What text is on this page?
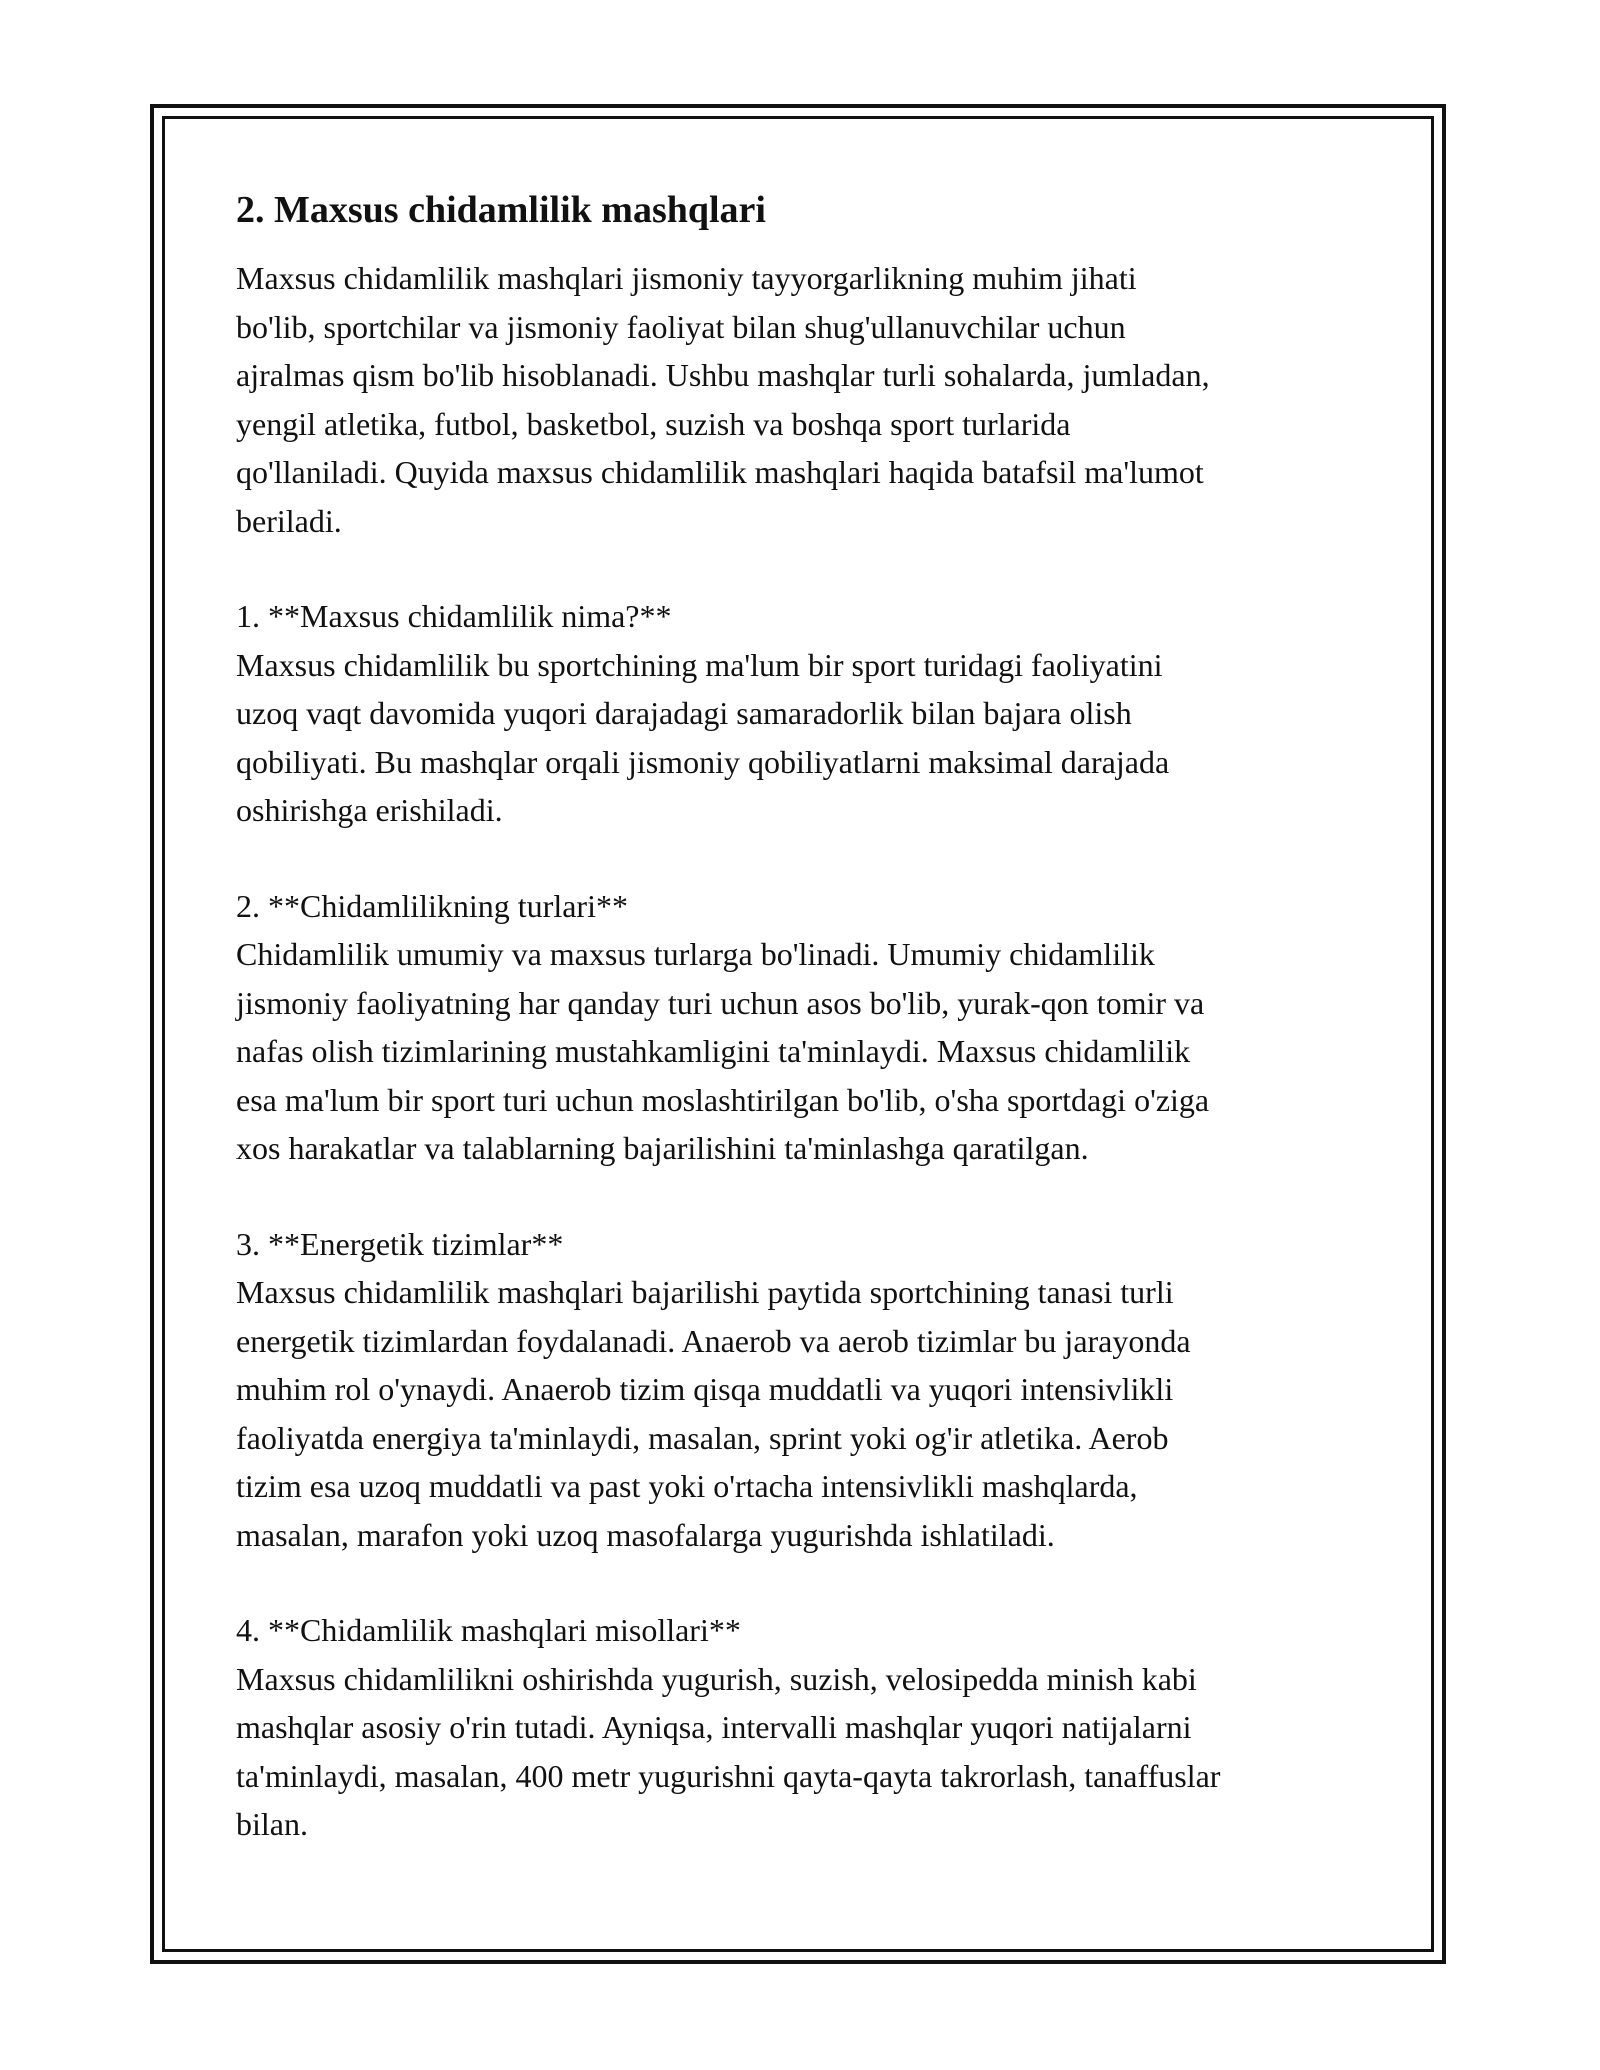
2. Maxsus chidamlilik mashqlari

Maxsus chidamlilik mashqlari jismoniy tayyorgarlikning muhim jihati
bo'lib, sportchilar va jismoniy faoliyat bilan shug'ullanuvchilar uchun
ajralmas qism bo'lib hisoblanadi. Ushbu mashqlar turli sohalarda, jumladan,
yengil atletika, futbol, basketbol, suzish va boshqa sport turlarida
qo'llaniladi. Quyida maxsus chidamlilik mashqlari haqida batafsil ma'lumot
beriladi.

1. **Maxsus chidamlilik nima?**

Maxsus chidamlilik bu sportchining ma'lum bir sport turidagi faoliyatini
uzoq vaqt davomida yuqori darajadagi samaradorlik bilan bajara olish
qobiliyati. Bu mashqlar orqali jismoniy qobiliyatlarni maksimal darajada
oshirishga erishiladi.

2. **Chidamlilikning turlari**

Chidamlilik umumiy va maxsus turlarga bo'linadi. Umumiy chidamlilik
jismoniy faoliyatning har qanday turi uchun asos bo'lib, yurak-qon tomir va
nafas olish tizimlarining mustahkamligini ta'minlaydi. Maxsus chidamlilik
esa ma'lum bir sport turi uchun moslashtirilgan bo'lib, o'sha sportdagi o'ziga
xos harakatlar va talablarning bajarilishini ta'minlashga qaratilgan.

3. **Energetik tizimlar**

Maxsus chidamlilik mashqlari bajarilishi paytida sportchining tanasi turli
energetik tizimlardan foydalanadi. Anaerob va aerob tizimlar bu jarayonda
muhim rol o'ynaydi. Anaerob tizim qisqa muddatli va yuqori intensivlikli
faoliyatda energiya ta'minlaydi, masalan, sprint yoki og'ir atletika. Aerob
tizim esa uzoq muddatli va past yoki o'rtacha intensivlikli mashqlarda,
masalan, marafon yoki uzoq masofalarga yugurishda ishlatiladi.

4. **Chidamlilik mashqlari misollari**

Maxsus chidamlilikni oshirishda yugurish, suzish, velosipedda minish kabi
mashqlar asosiy o'rin tutadi. Ayniqsa, intervalli mashqlar yuqori natijalarni
ta'minlaydi, masalan, 400 metr yugurishni qayta-qayta takrorlash, tanaffuslar
bilan.
